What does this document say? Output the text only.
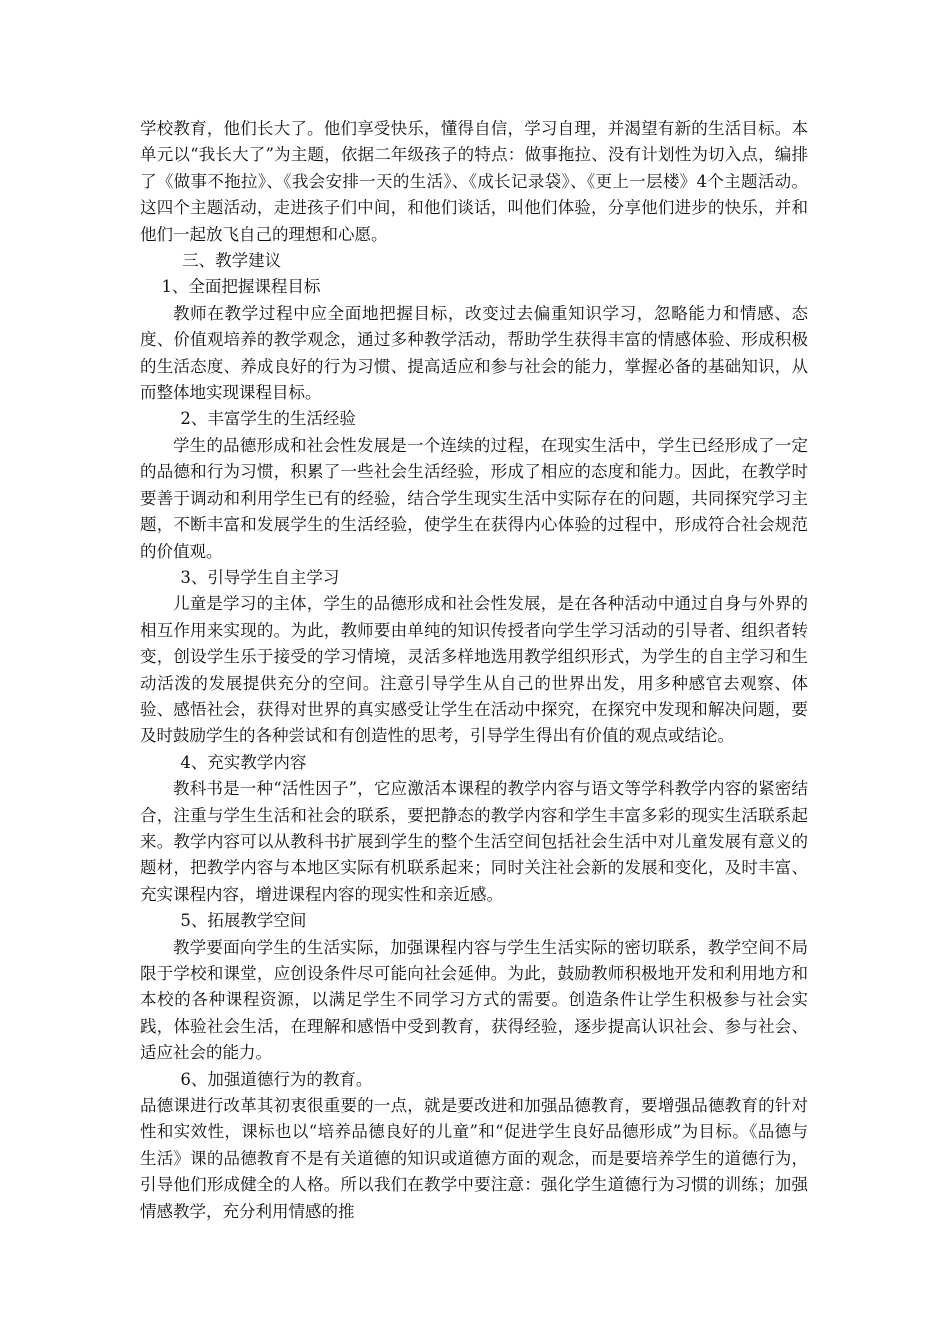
学校教育，他们长大了。他们享受快乐，懂得自信，学习自理，并渴望有新的生活目标。本单元以“我长大了”为主题，依据二年级孩子的特点：做事拖拉、没有计划性为切入点，编排了《做事不拖拉》、《我会安排一天的生活》、《成长记录袋》、《更上一层楼》4个主题活动。这四个主题活动，走进孩子们中间，和他们谈话，叫他们体验，分享他们进步的快乐，并和他们一起放飞自己的理想和心愿。

三、教学建议

1、全面把握课程目标

教师在教学过程中应全面地把握目标，改变过去偏重知识学习，忽略能力和情感、态度、价值观培养的教学观念，通过多种教学活动，帮助学生获得丰富的情感体验、形成积极的生活态度、养成良好的行为习惯、提高适应和参与社会的能力，掌握必备的基础知识，从而整体地实现课程目标。

2、丰富学生的生活经验

学生的品德形成和社会性发展是一个连续的过程，在现实生活中，学生已经形成了一定的品德和行为习惯，积累了一些社会生活经验，形成了相应的态度和能力。因此，在教学时要善于调动和利用学生已有的经验，结合学生现实生活中实际存在的问题，共同探究学习主题，不断丰富和发展学生的生活经验，使学生在获得内心体验的过程中，形成符合社会规范的价值观。

3、引导学生自主学习

儿童是学习的主体，学生的品德形成和社会性发展，是在各种活动中通过自身与外界的相互作用来实现的。为此，教师要由单纯的知识传授者向学生学习活动的引导者、组织者转变，创设学生乐于接受的学习情境，灵活多样地选用教学组织形式，为学生的自主学习和生动活泼的发展提供充分的空间。注意引导学生从自己的世界出发，用多种感官去观察、体验、感悟社会，获得对世界的真实感受让学生在活动中探究，在探究中发现和解决问题，要及时鼓励学生的各种尝试和有创造性的思考，引导学生得出有价值的观点或结论。

4、充实教学内容

教科书是一种“活性因子”，它应激活本课程的教学内容与语文等学科教学内容的紧密结合，注重与学生生活和社会的联系，要把静态的教学内容和学生丰富多彩的现实生活联系起来。教学内容可以从教科书扩展到学生的整个生活空间包括社会生活中对儿童发展有意义的题材，把教学内容与本地区实际有机联系起来；同时关注社会新的发展和变化，及时丰富、充实课程内容，增进课程内容的现实性和亲近感。

5、拓展教学空间

教学要面向学生的生活实际，加强课程内容与学生生活实际的密切联系，教学空间不局限于学校和课堂，应创设条件尽可能向社会延伸。为此，鼓励教师积极地开发和利用地方和本校的各种课程资源，以满足学生不同学习方式的需要。创造条件让学生积极参与社会实践，体验社会生活，在理解和感悟中受到教育，获得经验，逐步提高认识社会、参与社会、适应社会的能力。

6、加强道德行为的教育。

品德课进行改革其初衷很重要的一点，就是要改进和加强品德教育，要增强品德教育的针对性和实效性，课标也以“培养品德良好的儿童”和“促进学生良好品德形成”为目标。《品德与生活》课的品德教育不是有关道德的知识或道德方面的观念，而是要培养学生的道德行为，引导他们形成健全的人格。所以我们在教学中要注意：强化学生道德行为习惯的训练；加强情感教学，充分利用情感的推
